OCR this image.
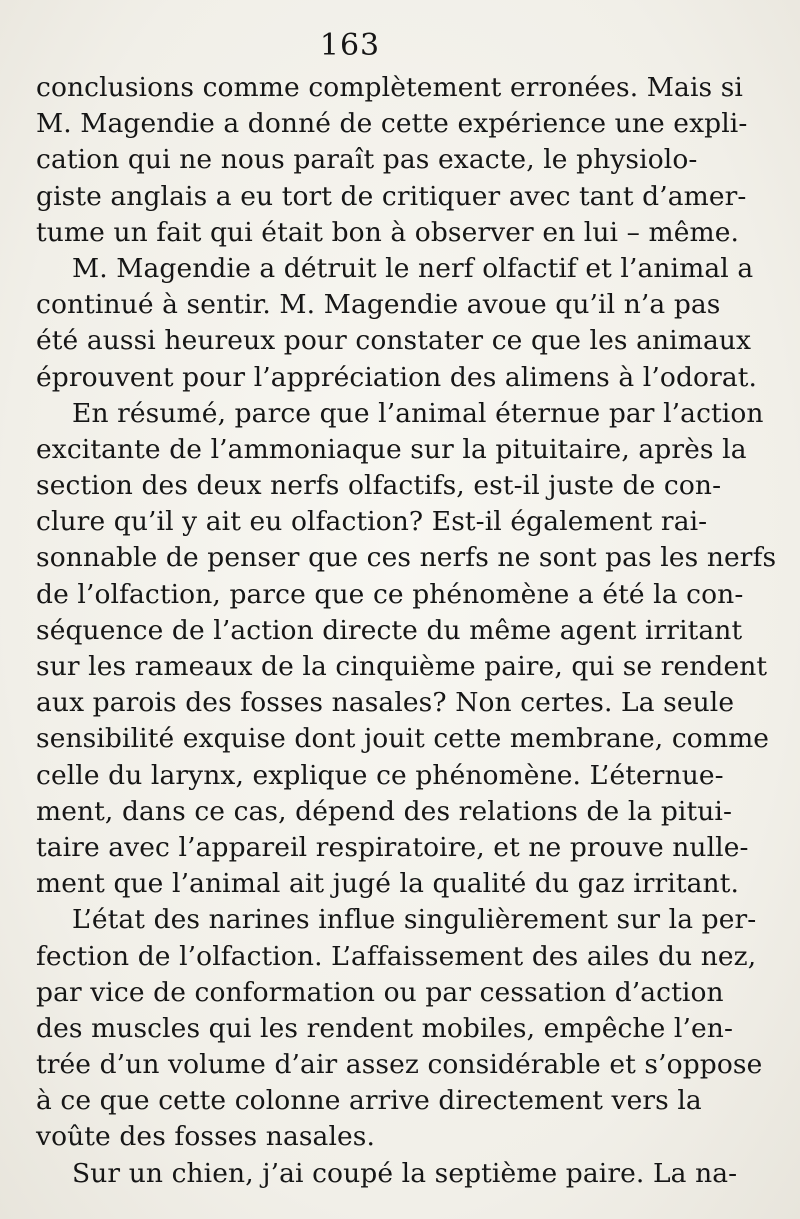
163
conclusions comme complètement erronées. Mais si
M. Magendie a donné de cette expérience une expli-
cation qui ne nous paraît pas exacte, le physiolo-
giste anglais a eu tort de critiquer avec tant d’amer-
tume un fait qui était bon à observer en lui – même.
M. Magendie a détruit le nerf olfactif et l’animal a
continué à sentir. M. Magendie avoue qu’il n’a pas
été aussi heureux pour constater ce que les animaux
éprouvent pour l’appréciation des alimens à l’odorat.
En résumé, parce que l’animal éternue par l’action
excitante de l’ammoniaque sur la pituitaire, après la
section des deux nerfs olfactifs, est-il juste de con-
clure qu’il y ait eu olfaction? Est-il également rai-
sonnable de penser que ces nerfs ne sont pas les nerfs
de l’olfaction, parce que ce phénomène a été la con-
séquence de l’action directe du même agent irritant
sur les rameaux de la cinquième paire, qui se rendent
aux parois des fosses nasales? Non certes. La seule
sensibilité exquise dont jouit cette membrane, comme
celle du larynx, explique ce phénomène. L’éternue-
ment, dans ce cas, dépend des relations de la pitui-
taire avec l’appareil respiratoire, et ne prouve nulle-
ment que l’animal ait jugé la qualité du gaz irritant.
L’état des narines influe singulièrement sur la per-
fection de l’olfaction. L’affaissement des ailes du nez,
par vice de conformation ou par cessation d’action
des muscles qui les rendent mobiles, empêche l’en-
trée d’un volume d’air assez considérable et s’oppose
à ce que cette colonne arrive directement vers la
voûte des fosses nasales.
Sur un chien, j’ai coupé la septième paire. La na-
